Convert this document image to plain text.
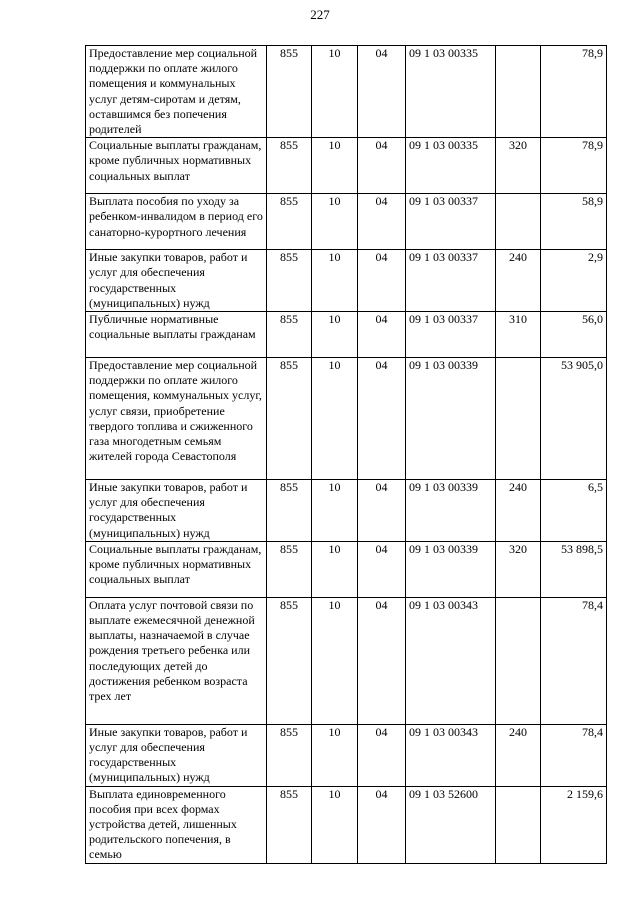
227
Предоставление мер социальной поддержки по оплате жилого помещения и коммунальных услуг детям-сиротам и детям, оставшимся без попечения родителей	855	10	04	09 1 03 00335		78,9
Социальные выплаты гражданам, кроме публичных нормативных социальных выплат	855	10	04	09 1 03 00335	320	78,9
Выплата пособия по уходу за ребенком-инвалидом в период его санаторно-курортного лечения	855	10	04	09 1 03 00337		58,9
Иные закупки товаров, работ и услуг для обеспечения государственных (муниципальных) нужд	855	10	04	09 1 03 00337	240	2,9
Публичные нормативные социальные выплаты гражданам	855	10	04	09 1 03 00337	310	56,0
Предоставление мер социальной поддержки по оплате жилого помещения, коммунальных услуг, услуг связи, приобретение твердого топлива и сжиженного газа многодетным семьям жителей города Севастополя	855	10	04	09 1 03 00339		53 905,0
Иные закупки товаров, работ и услуг для обеспечения государственных (муниципальных) нужд	855	10	04	09 1 03 00339	240	6,5
Социальные выплаты гражданам, кроме публичных нормативных социальных выплат	855	10	04	09 1 03 00339	320	53 898,5
Оплата услуг почтовой связи по выплате ежемесячной денежной выплаты, назначаемой в случае рождения третьего ребенка или последующих детей до достижения ребенком возраста трех лет	855	10	04	09 1 03 00343		78,4
Иные закупки товаров, работ и услуг для обеспечения государственных (муниципальных) нужд	855	10	04	09 1 03 00343	240	78,4
Выплата единовременного пособия при всех формах устройства детей, лишенных родительского попечения, в семью	855	10	04	09 1 03 52600		2 159,6
